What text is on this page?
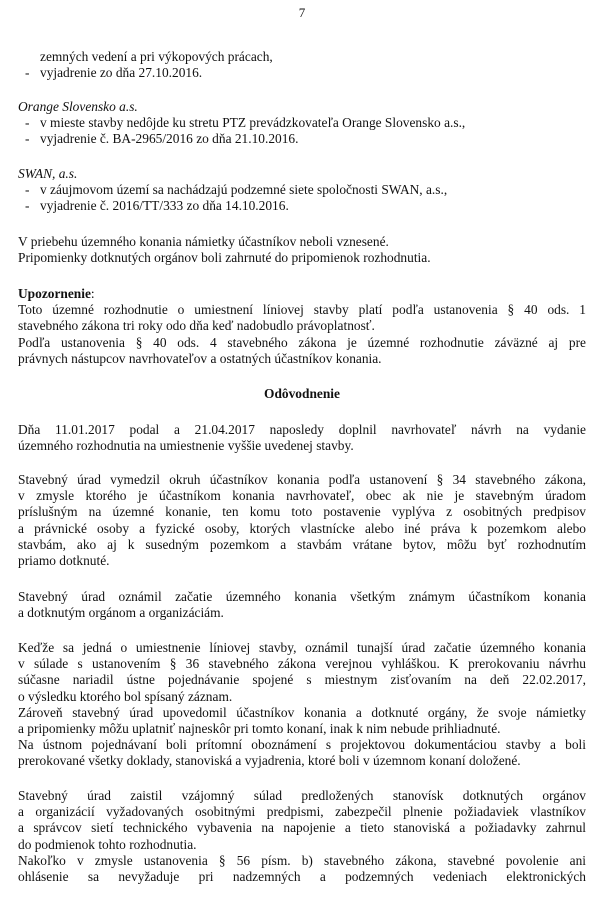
7

zemných vedení a pri výkopových prácach,

- vyjadrenie zo dňa 27.10.2016.

Orange Slovensko a.s.

- v mieste stavby nedôjde ku stretu PTZ prevádzkovateľa Orange Slovensko a.s.,

- vyjadrenie č. BA-2965/2016 zo dňa 21.10.2016.

SWAN, a.s.

- v záujmovom území sa nachádzajú podzemné siete spoločnosti SWAN, a.s.,

- vyjadrenie č. 2016/TT/333 zo dňa 14.10.2016.

V priebehu územného konania námietky účastníkov neboli vznesené.

Pripomienky dotknutých orgánov boli zahrnuté do pripomienok rozhodnutia.

Upozornenie:

Toto územné rozhodnutie o umiestnení líniovej stavby platí podľa ustanovenia § 40 ods. 1

stavebného zákona tri roky odo dňa keď nadobudlo právoplatnosť.

Podľa ustanovenia § 40 ods. 4 stavebného zákona je územné rozhodnutie záväzné aj pre

právnych nástupcov navrhovateľov a ostatných účastníkov konania.

Odôvodnenie

Dňa 11.01.2017 podal a 21.04.2017 naposledy doplnil navrhovateľ návrh na vydanie

územného rozhodnutia na umiestnenie vyššie uvedenej stavby.

Stavebný úrad vymedzil okruh účastníkov konania podľa ustanovení § 34 stavebného zákona,

v zmysle ktorého je účastníkom konania navrhovateľ, obec ak nie je stavebným úradom

príslušným na územné konanie, ten komu toto postavenie vyplýva z osobitných predpisov

a právnické osoby a fyzické osoby, ktorých vlastnícke alebo iné práva k pozemkom alebo

stavbám, ako aj k susedným pozemkom a stavbám vrátane bytov, môžu byť rozhodnutím

priamo dotknuté.

Stavebný úrad oznámil začatie územného konania všetkým známym účastníkom konania

a dotknutým orgánom a organizáciám.

Keďže sa jedná o umiestnenie líniovej stavby, oznámil tunajší úrad začatie územného konania

v súlade s ustanovením § 36 stavebného zákona verejnou vyhláškou. K prerokovaniu návrhu

súčasne nariadil ústne pojednávanie spojené s miestnym zisťovaním na deň 22.02.2017,

o výsledku ktorého bol spísaný záznam.

Zároveň stavebný úrad upovedomil účastníkov konania a dotknuté orgány, že svoje námietky

a pripomienky môžu uplatniť najneskôr pri tomto konaní, inak k nim nebude prihliadnuté.

Na ústnom pojednávaní boli prítomní oboznámení s projektovou dokumentáciou stavby a boli

prerokované všetky doklady, stanoviská a vyjadrenia, ktoré boli v územnom konaní doložené.

Stavebný úrad zaistil vzájomný súlad predložených stanovísk dotknutých orgánov

a organizácií vyžadovaných osobitnými predpismi, zabezpečil plnenie požiadaviek vlastníkov

a správcov sietí technického vybavenia na napojenie a tieto stanoviská a požiadavky zahrnul

do podmienok tohto rozhodnutia.

Nakoľko v zmysle ustanovenia § 56 písm. b) stavebného zákona, stavebné povolenie ani

ohlásenie sa nevyžaduje pri nadzemných a podzemných vedeniach elektronických
